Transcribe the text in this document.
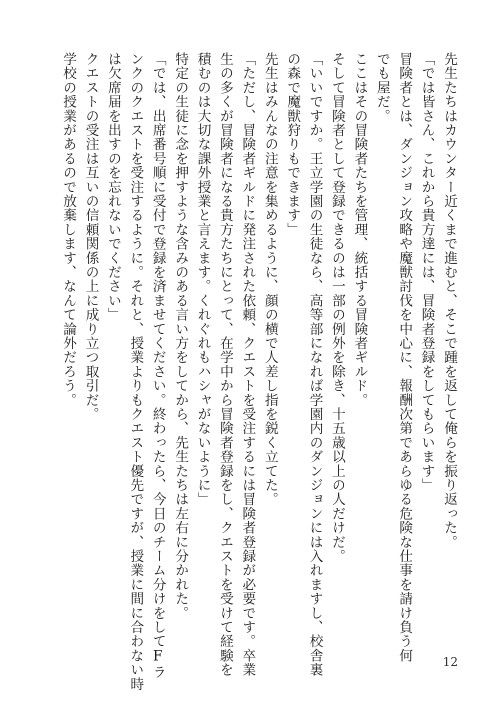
先生たちはカウンター近くまで進むと、そこで踵を返して俺らを振り返った。
「では皆さん、これから貴方達には、冒険者登録をしてもらいます」
冒険者とは、ダンジョン攻略や魔獣討伐を中心に、報酬次第であらゆる危険な仕事を請け負う何
でも屋だ。
ここはその冒険者たちを管理、統括する冒険者ギルド。
そして冒険者として登録できるのは一部の例外を除き、十五歳以上の人だけだ。
「いいですか。王立学園の生徒なら、高等部になれば学園内のダンジョンには入れますし、校舎裏
の森で魔獣狩りもできます」
先生はみんなの注意を集めるように、顔の横で人差し指を鋭く立てた。
「ただし、冒険者ギルドに発注された依頼、クエストを受注するには冒険者登録が必要です。卒業
生の多くが冒険者になる貴方たちにとって、在学中から冒険者登録をし、クエストを受けて経験を
積むのは大切な課外授業と言えます。くれぐれもハシャがないように」
特定の生徒に念を押すような含みのある言い方をしてから、先生たちは左右に分かれた。
「では、出席番号順に受付で登録を済ませてください。終わったら、今日のチーム分けをしてFラ
ンクのクエストを受注するように。それと、授業よりもクエスト優先ですが、授業に間に合わない時
は欠席届を出すのを忘れないでください」
クエストの受注は互いの信頼関係の上に成り立つ取引だ。
学校の授業があるので放棄します、なんて論外だろう。
12
